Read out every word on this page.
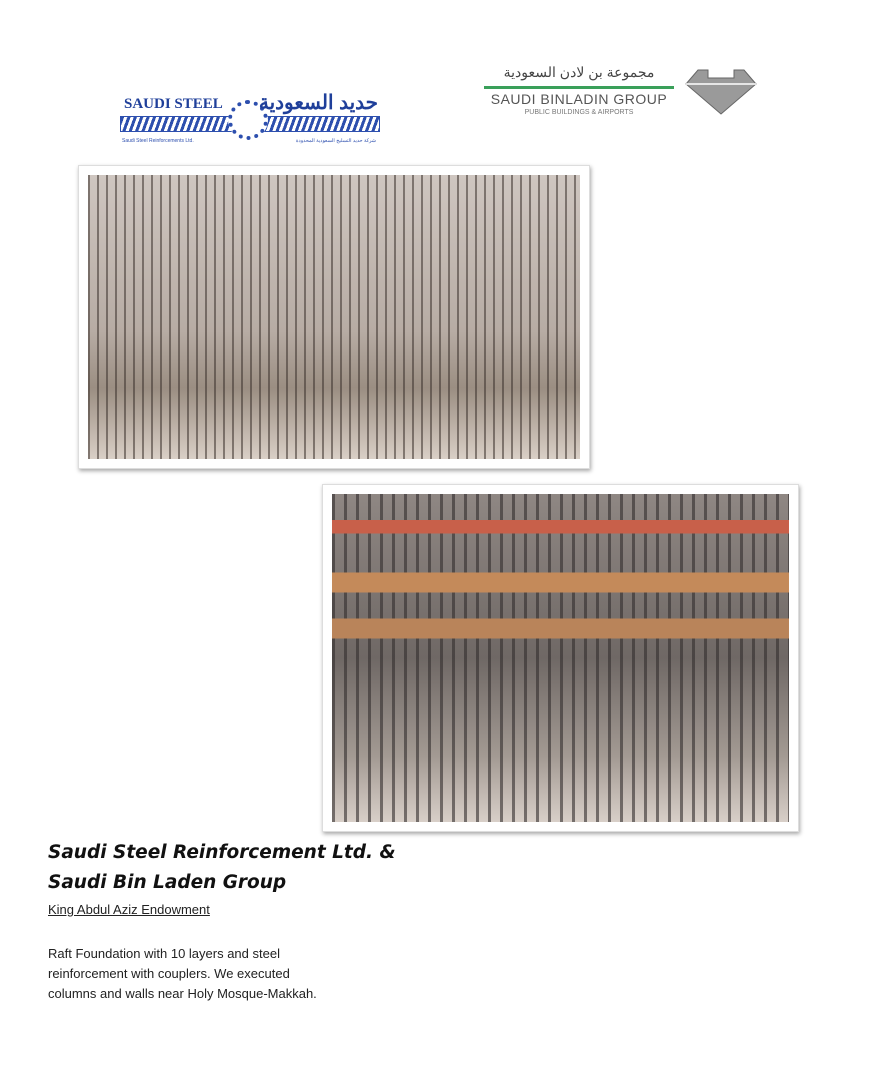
SAUDI STEEL حديد السعودية
Saudi Steel Reinforcements Ltd.	شركة حديد التسليح السعودية المحدودة
مجموعة بن لادن السعودية
SAUDI BINLADIN GROUP
PUBLIC BUILDINGS & AIRPORTS
Saudi Steel Reinforcement Ltd. &
Saudi Bin Laden Group
King Abdul Aziz Endowment
Raft Foundation with 10 layers and steel
reinforcement with couplers. We executed
columns and walls near Holy Mosque-Makkah.
